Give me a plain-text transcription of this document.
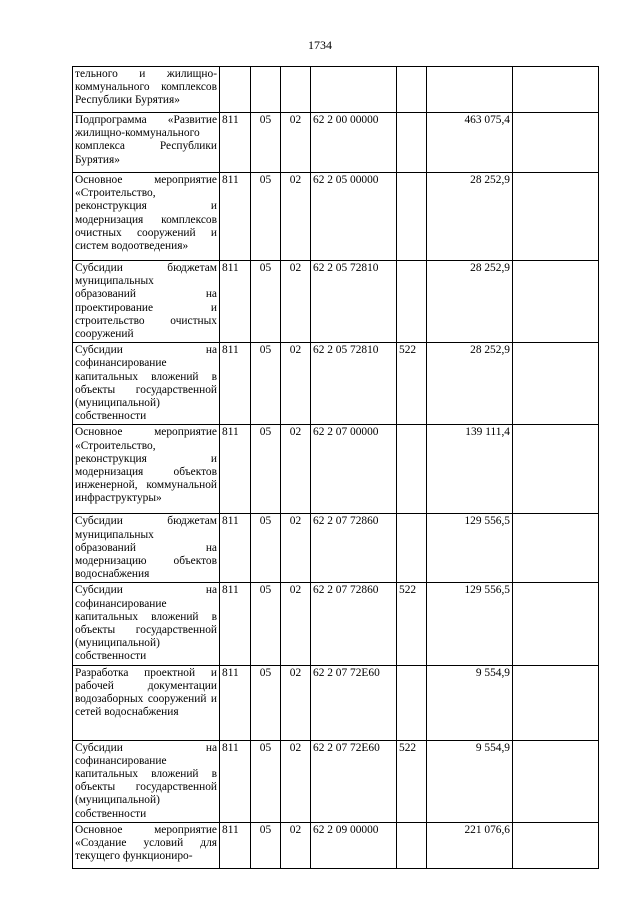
1734
тельного и жилищно-коммунального комплексов Республики Бурятия»							
Подпрограмма «Развитие жилищно-коммунального комплекса Республики Бурятия»	811	05	02	62 2 00 00000		463 075,4	
Основное мероприятие «Строительство, реконструкция и модернизация комплексов очистных сооружений и систем водоотведения»	811	05	02	62 2 05 00000		28 252,9	
Субсидии бюджетам муниципальных образований на проектирование и строительство очистных сооружений	811	05	02	62 2 05 72810		28 252,9	
Субсидии на софинансирование капитальных вложений в объекты государственной (муниципальной) собственности	811	05	02	62 2 05 72810	522	28 252,9	
Основное мероприятие «Строительство, реконструкция и модернизация объектов инженерной, коммунальной инфраструктуры»	811	05	02	62 2 07 00000		139 111,4	
Субсидии бюджетам муниципальных образований на модернизацию объектов водоснабжения	811	05	02	62 2 07 72860		129 556,5	
Субсидии на софинансирование капитальных вложений в объекты государственной (муниципальной) собственности	811	05	02	62 2 07 72860	522	129 556,5	
Разработка проектной и рабочей документации водозаборных сооружений и сетей водоснабжения	811	05	02	62 2 07 72Е60		9 554,9	
Субсидии на софинансирование капитальных вложений в объекты государственной (муниципальной) собственности	811	05	02	62 2 07 72Е60	522	9 554,9	
Основное мероприятие «Создание условий для текущего функциониро-	811	05	02	62 2 09 00000		221 076,6	
